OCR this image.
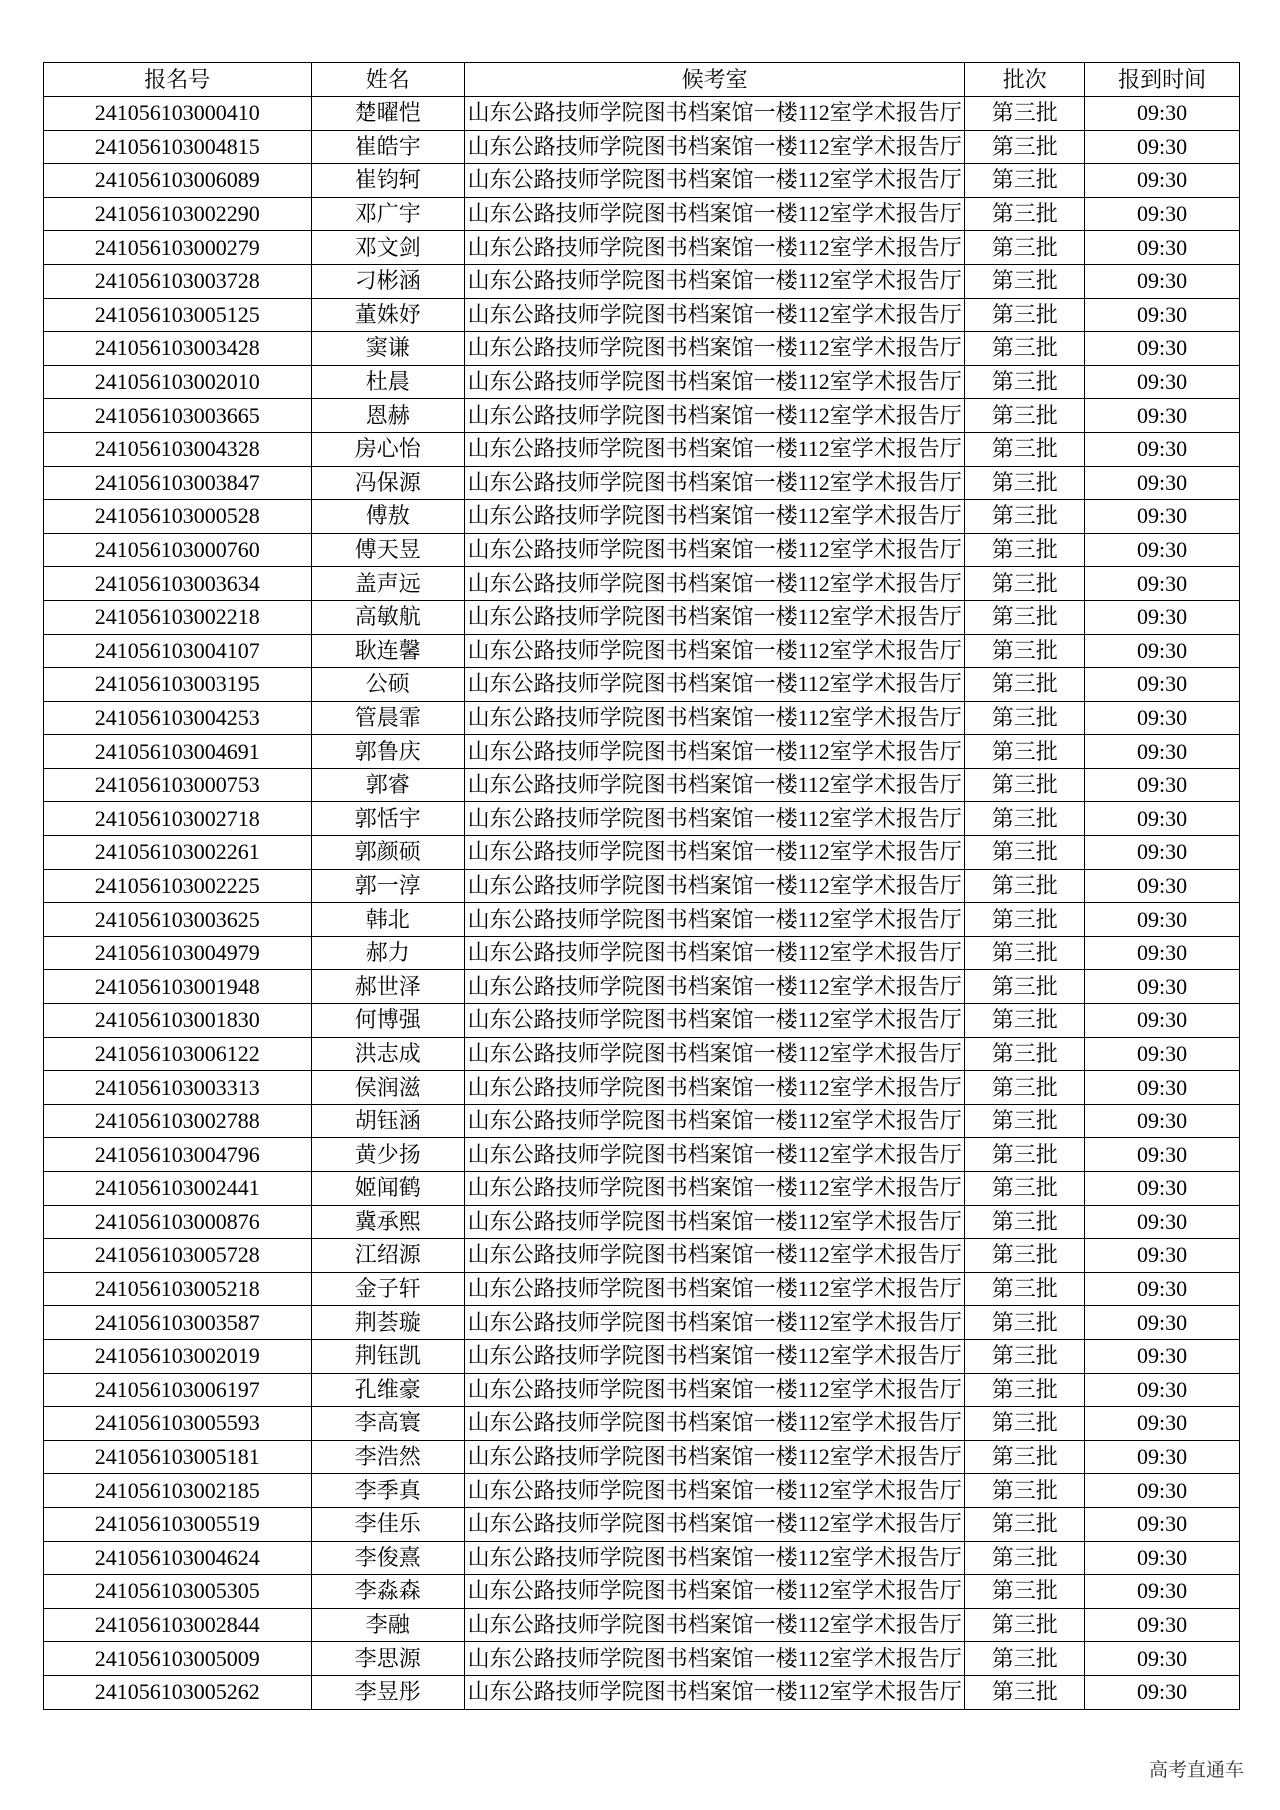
报名号	姓名	候考室	批次	报到时间
241056103000410	楚曜恺	山东公路技师学院图书档案馆一楼112室学术报告厅	第三批	09:30
241056103004815	崔皓宇	山东公路技师学院图书档案馆一楼112室学术报告厅	第三批	09:30
241056103006089	崔钧轲	山东公路技师学院图书档案馆一楼112室学术报告厅	第三批	09:30
241056103002290	邓广宇	山东公路技师学院图书档案馆一楼112室学术报告厅	第三批	09:30
241056103000279	邓文剑	山东公路技师学院图书档案馆一楼112室学术报告厅	第三批	09:30
241056103003728	刁彬涵	山东公路技师学院图书档案馆一楼112室学术报告厅	第三批	09:30
241056103005125	董姝妤	山东公路技师学院图书档案馆一楼112室学术报告厅	第三批	09:30
241056103003428	窦谦	山东公路技师学院图书档案馆一楼112室学术报告厅	第三批	09:30
241056103002010	杜晨	山东公路技师学院图书档案馆一楼112室学术报告厅	第三批	09:30
241056103003665	恩赫	山东公路技师学院图书档案馆一楼112室学术报告厅	第三批	09:30
241056103004328	房心怡	山东公路技师学院图书档案馆一楼112室学术报告厅	第三批	09:30
241056103003847	冯保源	山东公路技师学院图书档案馆一楼112室学术报告厅	第三批	09:30
241056103000528	傅敖	山东公路技师学院图书档案馆一楼112室学术报告厅	第三批	09:30
241056103000760	傅天昱	山东公路技师学院图书档案馆一楼112室学术报告厅	第三批	09:30
241056103003634	盖声远	山东公路技师学院图书档案馆一楼112室学术报告厅	第三批	09:30
241056103002218	高敏航	山东公路技师学院图书档案馆一楼112室学术报告厅	第三批	09:30
241056103004107	耿连馨	山东公路技师学院图书档案馆一楼112室学术报告厅	第三批	09:30
241056103003195	公硕	山东公路技师学院图书档案馆一楼112室学术报告厅	第三批	09:30
241056103004253	管晨霏	山东公路技师学院图书档案馆一楼112室学术报告厅	第三批	09:30
241056103004691	郭鲁庆	山东公路技师学院图书档案馆一楼112室学术报告厅	第三批	09:30
241056103000753	郭睿	山东公路技师学院图书档案馆一楼112室学术报告厅	第三批	09:30
241056103002718	郭恬宇	山东公路技师学院图书档案馆一楼112室学术报告厅	第三批	09:30
241056103002261	郭颜硕	山东公路技师学院图书档案馆一楼112室学术报告厅	第三批	09:30
241056103002225	郭一淳	山东公路技师学院图书档案馆一楼112室学术报告厅	第三批	09:30
241056103003625	韩北	山东公路技师学院图书档案馆一楼112室学术报告厅	第三批	09:30
241056103004979	郝力	山东公路技师学院图书档案馆一楼112室学术报告厅	第三批	09:30
241056103001948	郝世泽	山东公路技师学院图书档案馆一楼112室学术报告厅	第三批	09:30
241056103001830	何博强	山东公路技师学院图书档案馆一楼112室学术报告厅	第三批	09:30
241056103006122	洪志成	山东公路技师学院图书档案馆一楼112室学术报告厅	第三批	09:30
241056103003313	侯润滋	山东公路技师学院图书档案馆一楼112室学术报告厅	第三批	09:30
241056103002788	胡钰涵	山东公路技师学院图书档案馆一楼112室学术报告厅	第三批	09:30
241056103004796	黄少扬	山东公路技师学院图书档案馆一楼112室学术报告厅	第三批	09:30
241056103002441	姬闻鹤	山东公路技师学院图书档案馆一楼112室学术报告厅	第三批	09:30
241056103000876	冀承熙	山东公路技师学院图书档案馆一楼112室学术报告厅	第三批	09:30
241056103005728	江绍源	山东公路技师学院图书档案馆一楼112室学术报告厅	第三批	09:30
241056103005218	金子轩	山东公路技师学院图书档案馆一楼112室学术报告厅	第三批	09:30
241056103003587	荆荟璇	山东公路技师学院图书档案馆一楼112室学术报告厅	第三批	09:30
241056103002019	荆钰凯	山东公路技师学院图书档案馆一楼112室学术报告厅	第三批	09:30
241056103006197	孔维豪	山东公路技师学院图书档案馆一楼112室学术报告厅	第三批	09:30
241056103005593	李高寰	山东公路技师学院图书档案馆一楼112室学术报告厅	第三批	09:30
241056103005181	李浩然	山东公路技师学院图书档案馆一楼112室学术报告厅	第三批	09:30
241056103002185	李季真	山东公路技师学院图书档案馆一楼112室学术报告厅	第三批	09:30
241056103005519	李佳乐	山东公路技师学院图书档案馆一楼112室学术报告厅	第三批	09:30
241056103004624	李俊熹	山东公路技师学院图书档案馆一楼112室学术报告厅	第三批	09:30
241056103005305	李淼森	山东公路技师学院图书档案馆一楼112室学术报告厅	第三批	09:30
241056103002844	李融	山东公路技师学院图书档案馆一楼112室学术报告厅	第三批	09:30
241056103005009	李思源	山东公路技师学院图书档案馆一楼112室学术报告厅	第三批	09:30
241056103005262	李昱彤	山东公路技师学院图书档案馆一楼112室学术报告厅	第三批	09:30
高考直通车
